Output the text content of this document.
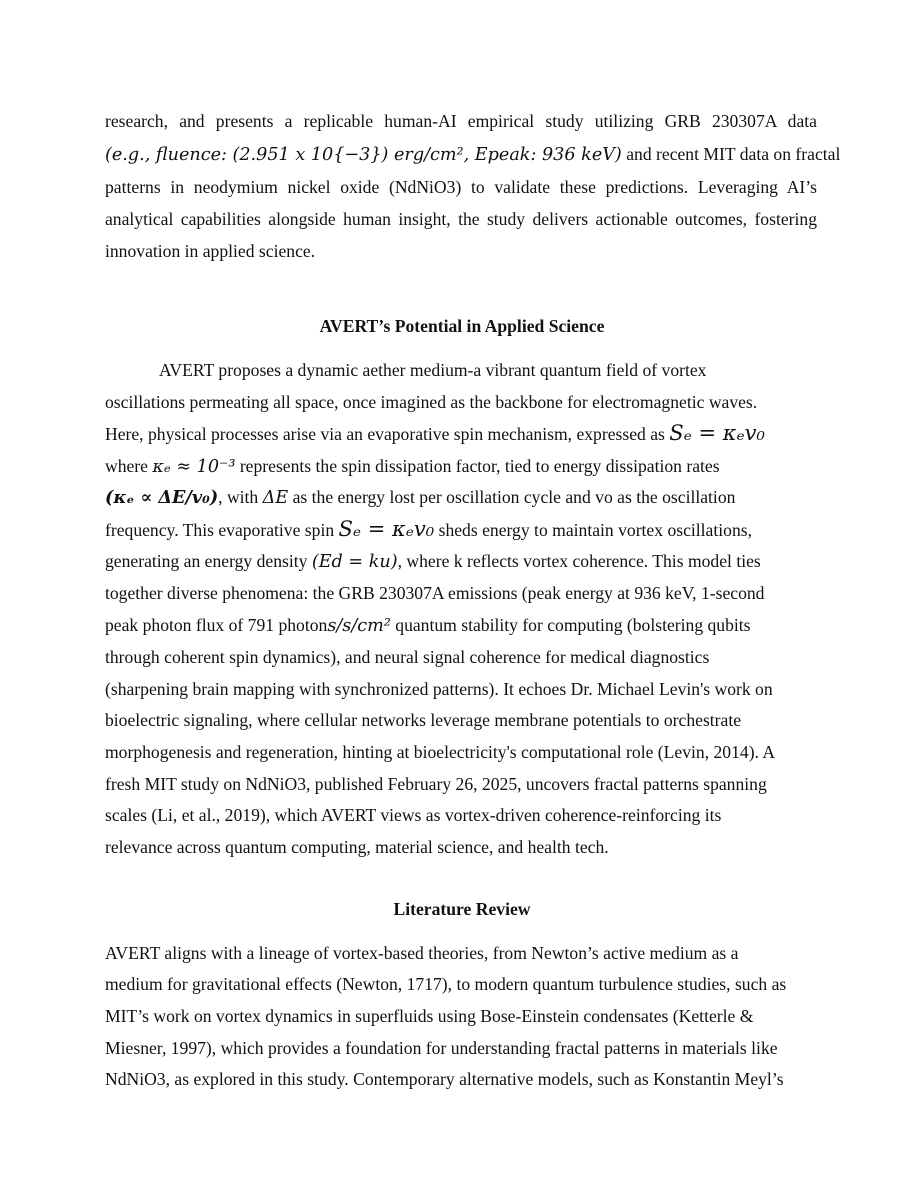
research, and presents a replicable human-AI empirical study utilizing GRB 230307A data
(e.g., fluence: (2.951 x 10{−3}) erg/cm², Epeak: 936 keV) and recent MIT data on fractal
patterns in neodymium nickel oxide (NdNiO3) to validate these predictions. Leveraging AI’s
analytical capabilities alongside human insight, the study delivers actionable outcomes, fostering
innovation in applied science.
AVERT’s Potential in Applied Science
AVERT proposes a dynamic aether medium-a vibrant quantum field of vortex
oscillations permeating all space, once imagined as the backbone for electromagnetic waves.
Here, physical processes arise via an evaporative spin mechanism, expressed as Sₑ = κₑv₀
where κₑ ≈ 10⁻³ represents the spin dissipation factor, tied to energy dissipation rates
(κₑ ∝ ΔE/v₀), with ΔE as the energy lost per oscillation cycle and vo as the oscillation
frequency. This evaporative spin Sₑ = κₑv₀ sheds energy to maintain vortex oscillations,
generating an energy density (Ed = ku), where k reflects vortex coherence. This model ties
together diverse phenomena: the GRB 230307A emissions (peak energy at 936 keV, 1-second
peak photon flux of 791 photons/s/cm² quantum stability for computing (bolstering qubits
through coherent spin dynamics), and neural signal coherence for medical diagnostics
(sharpening brain mapping with synchronized patterns). It echoes Dr. Michael Levin's work on
bioelectric signaling, where cellular networks leverage membrane potentials to orchestrate
morphogenesis and regeneration, hinting at bioelectricity's computational role (Levin, 2014). A
fresh MIT study on NdNiO3, published February 26, 2025, uncovers fractal patterns spanning
scales (Li, et al., 2019), which AVERT views as vortex-driven coherence-reinforcing its
relevance across quantum computing, material science, and health tech.
Literature Review
AVERT aligns with a lineage of vortex-based theories, from Newton’s active medium as a
medium for gravitational effects (Newton, 1717), to modern quantum turbulence studies, such as
MIT’s work on vortex dynamics in superfluids using Bose-Einstein condensates (Ketterle &
Miesner, 1997), which provides a foundation for understanding fractal patterns in materials like
NdNiO3, as explored in this study. Contemporary alternative models, such as Konstantin Meyl’s
